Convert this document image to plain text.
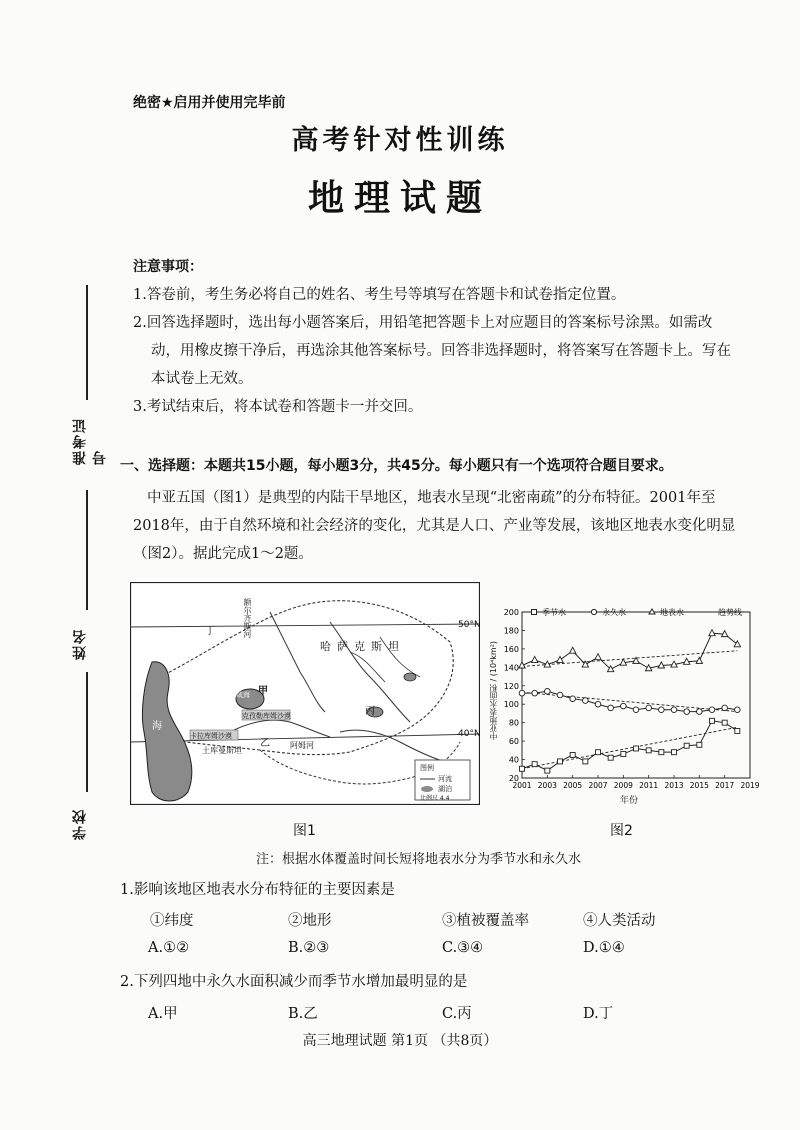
绝密★启用并使用完毕前
高考针对性训练
地理试题
准考证号
姓名
学校
注意事项：
1.答卷前，考生务必将自己的姓名、考生号等填写在答题卡和试卷指定位置。
2.回答选择题时，选出每小题答案后，用铅笔把答题卡上对应题目的答案标号涂黑。如需改
动，用橡皮擦干净后，再选涂其他答案标号。回答非选择题时，将答案写在答题卡上。写在
本试卷上无效。
3.考试结束后，将本试卷和答题卡一并交回。
一、选择题：本题共15小题，每小题3分，共45分。每小题只有一个选项符合题目要求。
中亚五国（图1）是典型的内陆干旱地区，地表水呈现“北密南疏”的分布特征。2001年至
2018年，由于自然环境和社会经济的变化，尤其是人口、产业等发展，该地区地表水变化明显
（图2）。据此完成1～2题。
甲
丁
乙
丙
海
哈萨克斯坦
土库曼斯坦
阿姆河
额尔齐斯河
克孜勒库姆沙漠
卡拉库姆沙漠
咸海
50°N
40°N
图例
河流
湖泊
比例尺 4.4
图1
20
40
60
80
100
120
140
160
180
200
2001 2003 2005 2007 2009 2011 2013 2015 2017 2019
季节水	永久水	地表水	趋势线
中亚地表水面积 / (10⁴km²)
年份
图2
注：根据水体覆盖时间长短将地表水分为季节水和永久水
1.影响该地区地表水分布特征的主要因素是
①纬度	②地形	③植被覆盖率	④人类活动
A.①②	B.②③	C.③④	D.①④
2.下列四地中永久水面积减少而季节水增加最明显的是
A.甲	B.乙	C.丙	D.丁
高三地理试题 第1页 （共8页）
